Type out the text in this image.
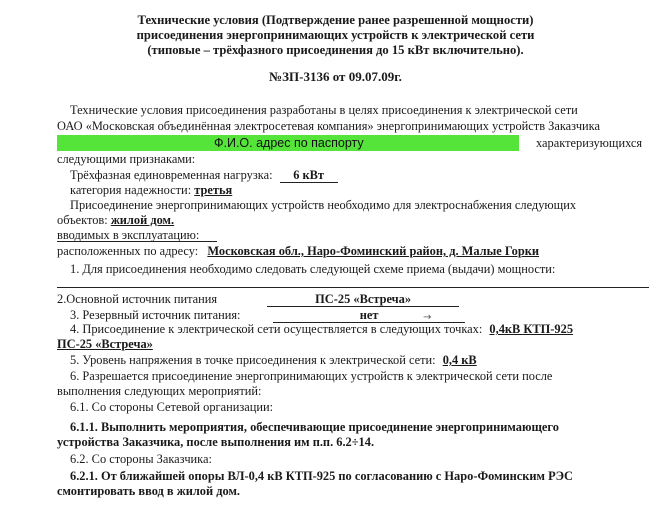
Технические условия (Подтверждение ранее разрешенной мощности)
присоединения энергопринимающих устройств к электрической сети
(типовые – трёхфазного присоединения до 15 кВт включительно).
№ЗП-3136 от 09.07.09г.
Технические условия присоединения разработаны в целях присоединения к электрической сети
ОАО «Московская объединённая электросетевая компания» энергопринимающих устройств Заказчика
Ф.И.О. адрес по паспорту	характеризующихся
следующими признаками:
Трёхфазная единовременная нагрузка: 6 кВт
категория надежности: третья
Присоединение энергопринимающих устройств необходимо для электроснабжения следующих
объектов: жилой дом.
вводимых в эксплуатацию:
расположенных по адресу: Московская обл., Наро-Фоминский район, д. Малые Горки
1. Для присоединения необходимо следовать следующей схеме приема (выдачи) мощности:
2.Основной источник питания	ПС-25 «Встреча»
3. Резервный источник питания:	нет	→
4. Присоединение к электрической сети осуществляется в следующих точках: 0,4кВ КТП-925
ПС-25 «Встреча»
5. Уровень напряжения в точке присоединения к электрической сети: 0,4 кВ
6. Разрешается присоединение энергопринимающих устройств к электрической сети после
выполнения следующих мероприятий:
6.1. Со стороны Сетевой организации:
6.1.1. Выполнить мероприятия, обеспечивающие присоединение энергопринимающего
устройства Заказчика, после выполнения им п.п. 6.2÷14.
6.2. Со стороны Заказчика:
6.2.1. От ближайшей опоры ВЛ-0,4 кВ КТП-925 по согласованию с Наро-Фоминским РЭС
смонтировать ввод в жилой дом.
